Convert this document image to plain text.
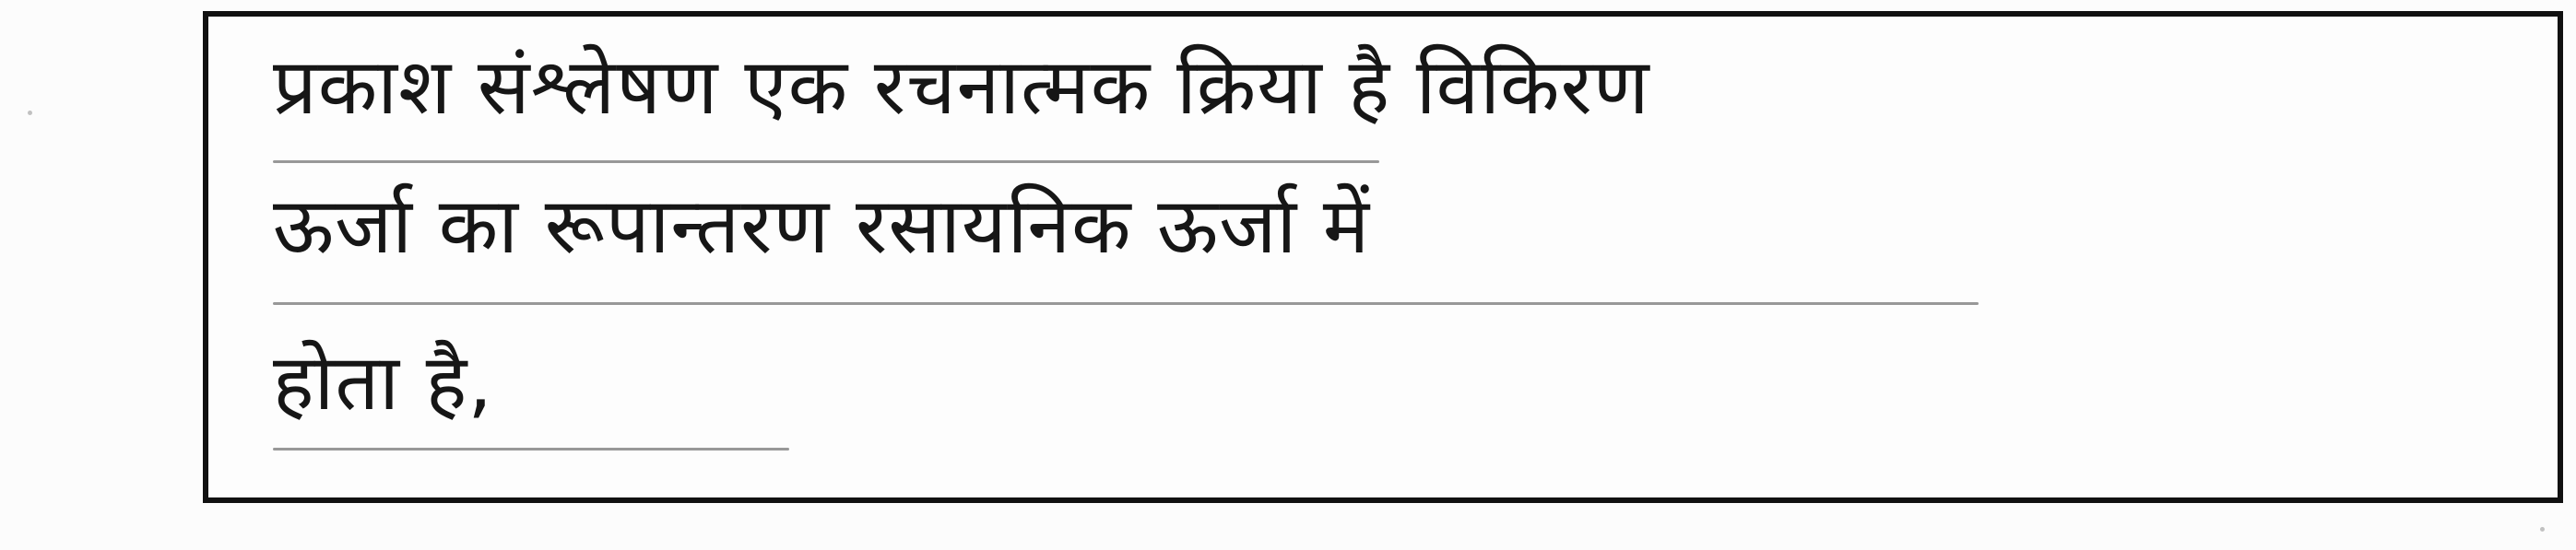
प्रकाश संश्लेषण एक रचनात्मक क्रिया है विकिरण
ऊर्जा का रूपान्तरण रसायनिक ऊर्जा में
होता है,
